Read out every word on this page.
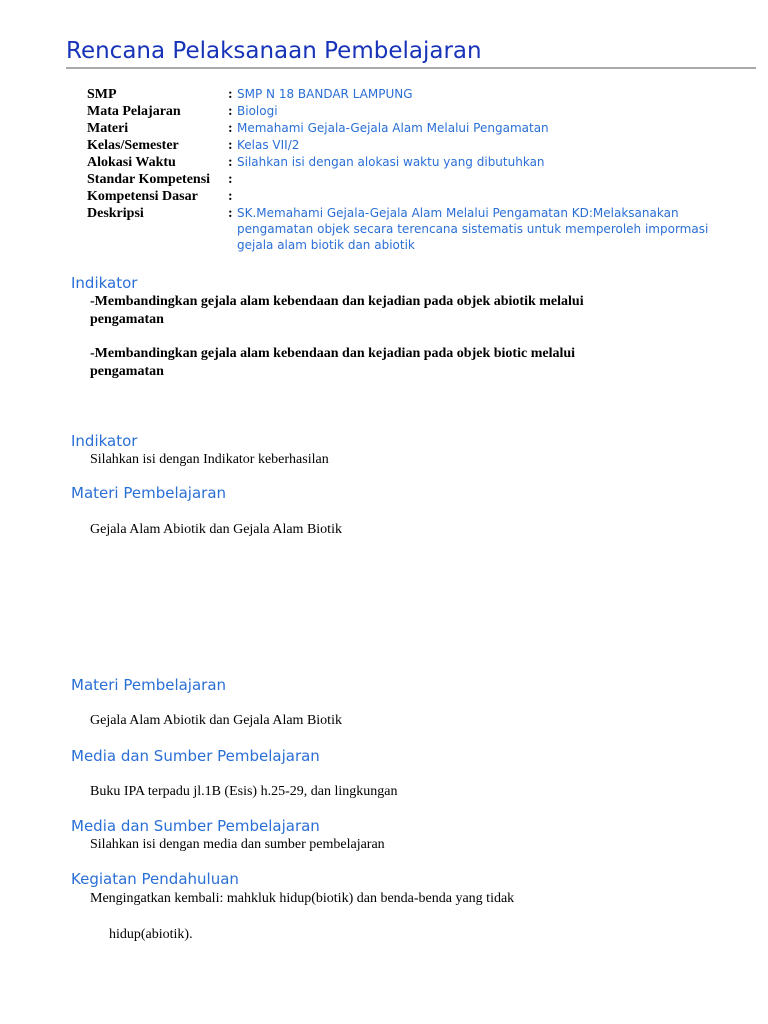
Rencana Pelaksanaan Pembelajaran
SMP	: SMP N 18 BANDAR LAMPUNG
Mata Pelajaran	: Biologi
Materi	: Memahami Gejala-Gejala Alam Melalui Pengamatan
Kelas/Semester	: Kelas VII/2
Alokasi Waktu	: Silahkan isi dengan alokasi waktu yang dibutuhkan
Standar Kompetensi :
Kompetensi Dasar :
Deskripsi	: SK.Memahami Gejala-Gejala Alam Melalui Pengamatan KD:Melaksanakan pengamatan objek secara terencana sistematis untuk memperoleh impormasi gejala alam biotik dan abiotik
Indikator
-Membandingkan gejala alam kebendaan dan kejadian pada objek abiotik melalui pengamatan
-Membandingkan gejala alam kebendaan dan kejadian pada objek biotic melalui pengamatan
Indikator
Silahkan isi dengan Indikator keberhasilan
Materi Pembelajaran
Gejala Alam Abiotik dan Gejala Alam Biotik
Materi Pembelajaran
Gejala Alam Abiotik dan Gejala Alam Biotik
Media dan Sumber Pembelajaran
Buku IPA terpadu jl.1B (Esis) h.25-29, dan lingkungan
Media dan Sumber Pembelajaran
Silahkan isi dengan media dan sumber pembelajaran
Kegiatan Pendahuluan
Mengingatkan kembali: mahkluk hidup(biotik) dan benda-benda yang tidak
hidup(abiotik).
